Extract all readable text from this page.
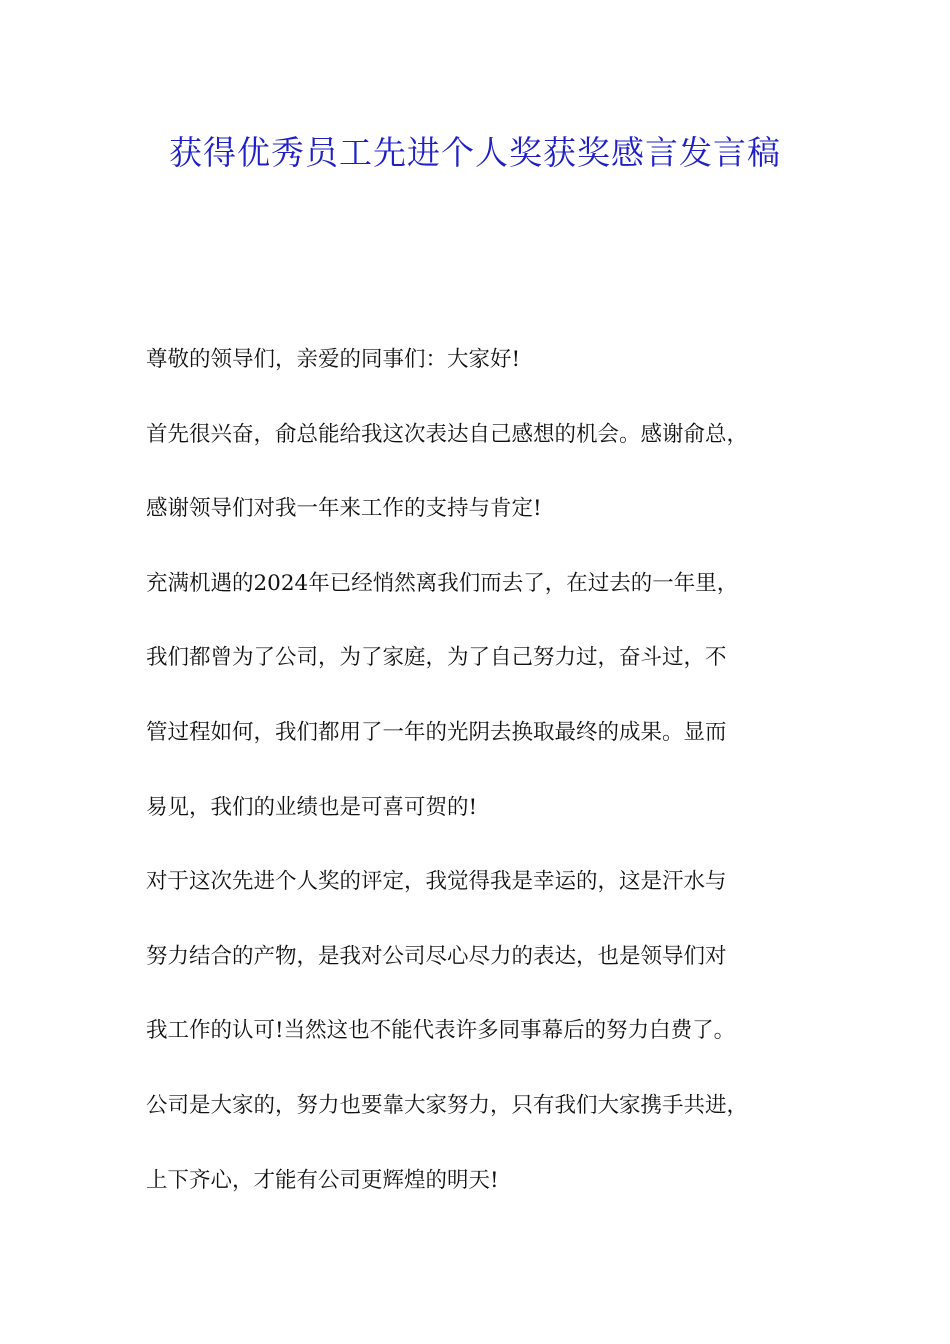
获得优秀员工先进个人奖获奖感言发言稿

尊敬的领导们，亲爱的同事们：大家好!

首先很兴奋，俞总能给我这次表达自己感想的机会。感谢俞总，

感谢领导们对我一年来工作的支持与肯定!

充满机遇的2024年已经悄然离我们而去了，在过去的一年里，

我们都曾为了公司，为了家庭，为了自己努力过，奋斗过，不

管过程如何，我们都用了一年的光阴去换取最终的成果。显而

易见，我们的业绩也是可喜可贺的!

对于这次先进个人奖的评定，我觉得我是幸运的，这是汗水与

努力结合的产物，是我对公司尽心尽力的表达，也是领导们对

我工作的认可!当然这也不能代表许多同事幕后的努力白费了。

公司是大家的，努力也要靠大家努力，只有我们大家携手共进，

上下齐心，才能有公司更辉煌的明天!
